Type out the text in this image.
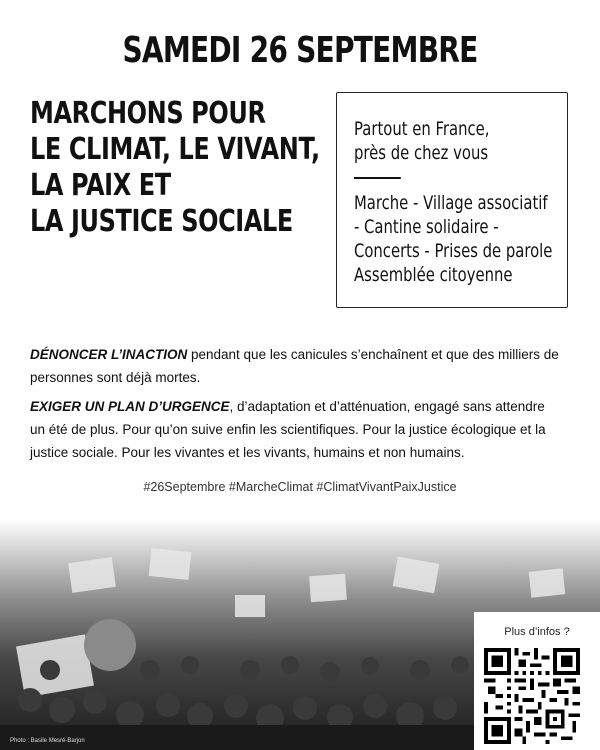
SAMEDI 26 SEPTEMBRE
MARCHONS POUR
LE CLIMAT, LE VIVANT,
LA PAIX ET
LA JUSTICE SOCIALE
Partout en France,
près de chez vous
Marche - Village associatif
- Cantine solidaire -
Concerts - Prises de parole
Assemblée citoyenne

DÉNONCER L’INACTION pendant que les canicules s’enchaînent et que des milliers de personnes sont déjà mortes.

EXIGER UN PLAN D’URGENCE, d’adaptation et d’atténuation, engagé sans attendre un été de plus. Pour qu’on suive enfin les scientifiques. Pour la justice écologique et la justice sociale. Pour les vivantes et les vivants, humains et non humains.

#26Septembre #MarcheClimat #ClimatVivantPaixJustice
Photo : Basile Mesré-Barjon
Plus d’infos ?
